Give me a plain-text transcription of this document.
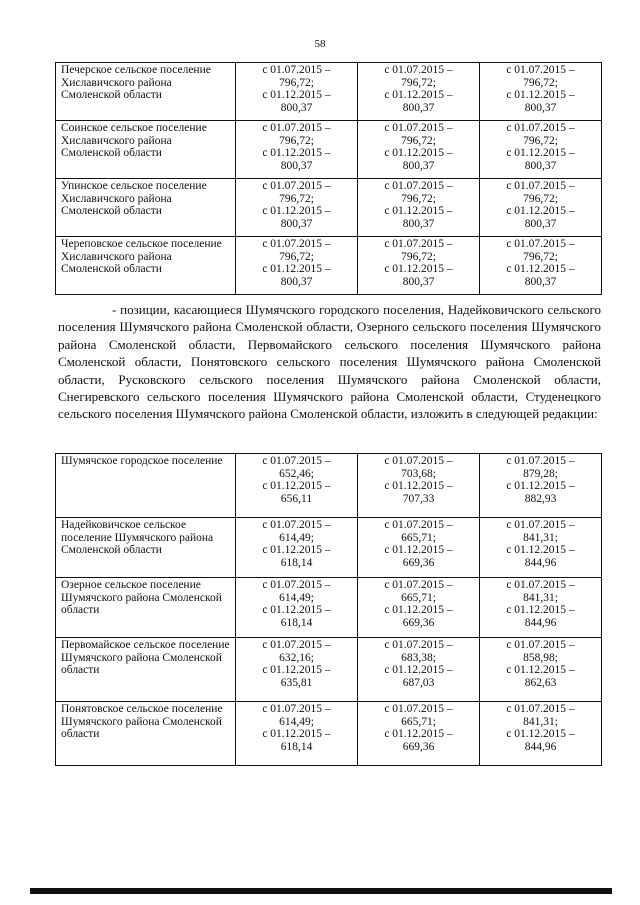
58
Печерское сельское поселение Хиславичского района Смоленской области	с 01.07.2015 –
796,72;
с 01.12.2015 –
800,37	с 01.07.2015 –
796,72;
с 01.12.2015 –
800,37	с 01.07.2015 –
796,72;
с 01.12.2015 –
800,37

Соинское сельское поселение Хиславичского района Смоленской области	с 01.07.2015 –
796,72;
с 01.12.2015 –
800,37	с 01.07.2015 –
796,72;
с 01.12.2015 –
800,37	с 01.07.2015 –
796,72;
с 01.12.2015 –
800,37

Упинское сельское поселение Хиславичского района Смоленской области	с 01.07.2015 –
796,72;
с 01.12.2015 –
800,37	с 01.07.2015 –
796,72;
с 01.12.2015 –
800,37	с 01.07.2015 –
796,72;
с 01.12.2015 –
800,37

Череповское сельское поселение Хиславичского района Смоленской области	с 01.07.2015 –
796,72;
с 01.12.2015 –
800,37	с 01.07.2015 –
796,72;
с 01.12.2015 –
800,37	с 01.07.2015 –
796,72;
с 01.12.2015 –
800,37
- позиции, касающиеся Шумячского городского поселения, Надейковичского сельского поселения Шумячского района Смоленской области, Озерного сельского поселения Шумячского района Смоленской области, Первомайского сельского поселения Шумячского района Смоленской области, Понятовского сельского поселения Шумячского района Смоленской области, Русковского сельского поселения Шумячского района Смоленской области, Снегиревского сельского поселения Шумячского района Смоленской области, Студенецкого сельского поселения Шумячского района Смоленской области, изложить в следующей редакции:
Шумячское городское поселение	с 01.07.2015 –
652,46;
с 01.12.2015 –
656,11	с 01.07.2015 –
703,68;
с 01.12.2015 –
707,33	с 01.07.2015 –
879,28;
с 01.12.2015 –
882,93

Надейковичское сельское поселение Шумячского района Смоленской области	с 01.07.2015 –
614,49;
с 01.12.2015 –
618,14	с 01.07.2015 –
665,71;
с 01.12.2015 –
669,36	с 01.07.2015 –
841,31;
с 01.12.2015 –
844,96

Озерное сельское поселение Шумячского района Смоленской области	с 01.07.2015 –
614,49;
с 01.12.2015 –
618,14	с 01.07.2015 –
665,71;
с 01.12.2015 –
669,36	с 01.07.2015 –
841,31;
с 01.12.2015 –
844,96

Первомайское сельское поселение Шумячского района Смоленской области	с 01.07.2015 –
632,16;
с 01.12.2015 –
635,81	с 01.07.2015 –
683,38;
с 01.12.2015 –
687,03	с 01.07.2015 –
858,98;
с 01.12.2015 –
862,63

Понятовское сельское поселение Шумячского района Смоленской области	с 01.07.2015 –
614,49;
с 01.12.2015 –
618,14	с 01.07.2015 –
665,71;
с 01.12.2015 –
669,36	с 01.07.2015 –
841,31;
с 01.12.2015 –
844,96
